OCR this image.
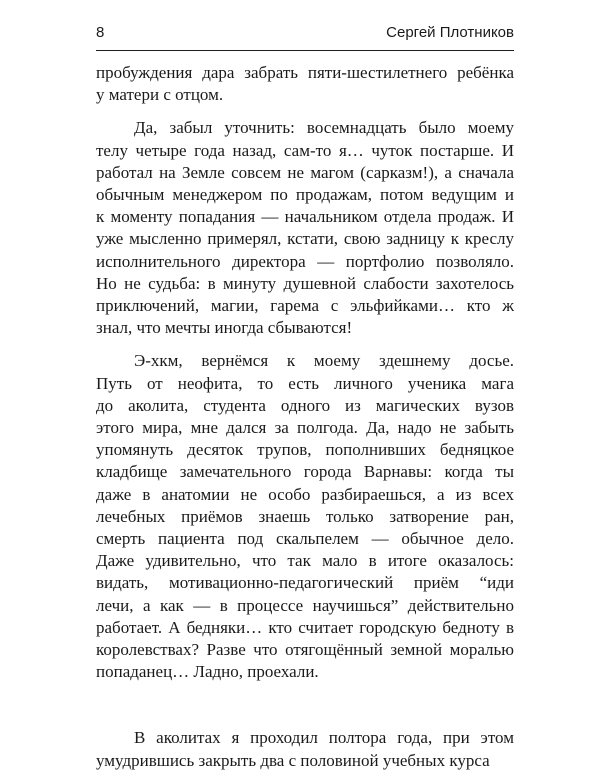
8	Сергей Плотников
пробуждения дара забрать пяти-шестилетнего ребёнка
у матери с отцом.
Да, забыл уточнить: восемнадцать было моему
телу четыре года назад, сам-то я… чуток постарше. И
работал на Земле совсем не магом (сарказм!), а сначала
обычным менеджером по продажам, потом ведущим и
к моменту попадания — начальником отдела продаж. И
уже мысленно примерял, кстати, свою задницу к креслу
исполнительного директора — портфолио позволяло.
Но не судьба: в минуту душевной слабости захотелось
приключений, магии, гарема с эльфийками… кто ж
знал, что мечты иногда сбываются!
Э-хкм, вернёмся к моему здешнему досье.
Путь от неофита, то есть личного ученика мага
до аколита, студента одного из магических вузов
этого мира, мне дался за полгода. Да, надо не забыть
упомянуть десяток трупов, пополнивших бедняцкое
кладбище замечательного города Варнавы: когда ты
даже в анатомии не особо разбираешься, а из всех
лечебных приёмов знаешь только затворение ран,
смерть пациента под скальпелем — обычное дело.
Даже удивительно, что так мало в итоге оказалось:
видать, мотивационно-педагогический приём “иди
лечи, а как — в процессе научишься” действительно
работает. А бедняки… кто считает городскую бедноту в
королевствах? Разве что отягощённый земной моралью
попаданец… Ладно, проехали.
В аколитах я проходил полтора года, при этом
умудрившись закрыть два с половиной учебных курса
